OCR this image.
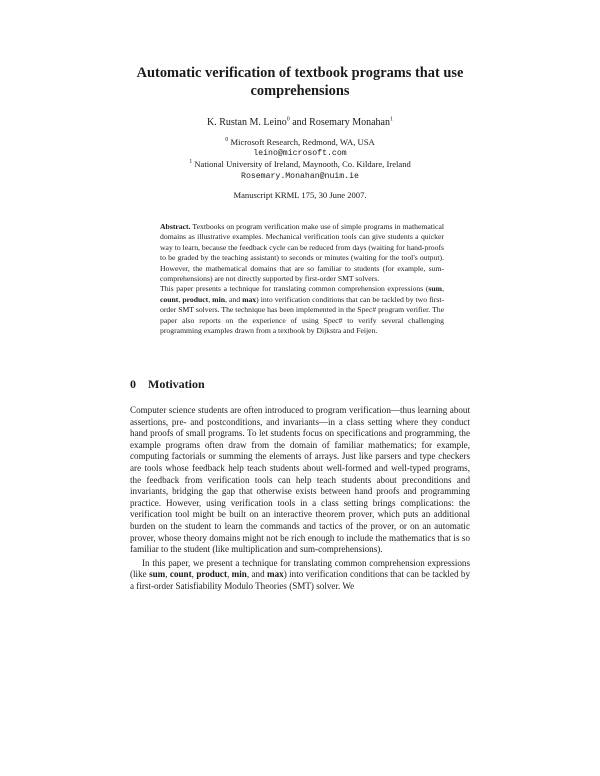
Automatic verification of textbook programs that use comprehensions
K. Rustan M. Leino$^0$ and Rosemary Monahan$^1$
$^0$ Microsoft Research, Redmond, WA, USA
leino@microsoft.com
$^1$ National University of Ireland, Maynooth, Co. Kildare, Ireland
Rosemary.Monahan@nuim.ie
Manuscript KRML 175, 30 June 2007.

Abstract. Textbooks on program verification make use of simple programs in mathematical domains as illustrative examples. Mechanical verification tools can give students a quicker way to learn, because the feedback cycle can be reduced from days (waiting for hand-proofs to be graded by the teaching assistant) to seconds or minutes (waiting for the tool's output). However, the mathematical domains that are so familiar to students (for example, sum-comprehensions) are not directly supported by first-order SMT solvers.

This paper presents a technique for translating common comprehension expressions (sum, count, product, min, and max) into verification conditions that can be tackled by two first-order SMT solvers. The technique has been implemented in the Spec# program verifier. The paper also reports on the experience of using Spec# to verify several challenging programming examples drawn from a textbook by Dijkstra and Feijen.

0 Motivation

Computer science students are often introduced to program verification—thus learning about assertions, pre- and postconditions, and invariants—in a class setting where they conduct hand proofs of small programs. To let students focus on specifications and programming, the example programs often draw from the domain of familiar mathematics; for example, computing factorials or summing the elements of arrays. Just like parsers and type checkers are tools whose feedback help teach students about well-formed and well-typed programs, the feedback from verification tools can help teach students about preconditions and invariants, bridging the gap that otherwise exists between hand proofs and programming practice. However, using verification tools in a class setting brings complications: the verification tool might be built on an interactive theorem prover, which puts an additional burden on the student to learn the commands and tactics of the prover, or on an automatic prover, whose theory domains might not be rich enough to include the mathematics that is so familiar to the student (like multiplication and sum-comprehensions).

In this paper, we present a technique for translating common comprehension expressions (like sum, count, product, min, and max) into verification conditions that can be tackled by a first-order Satisfiability Modulo Theories (SMT) solver. We
